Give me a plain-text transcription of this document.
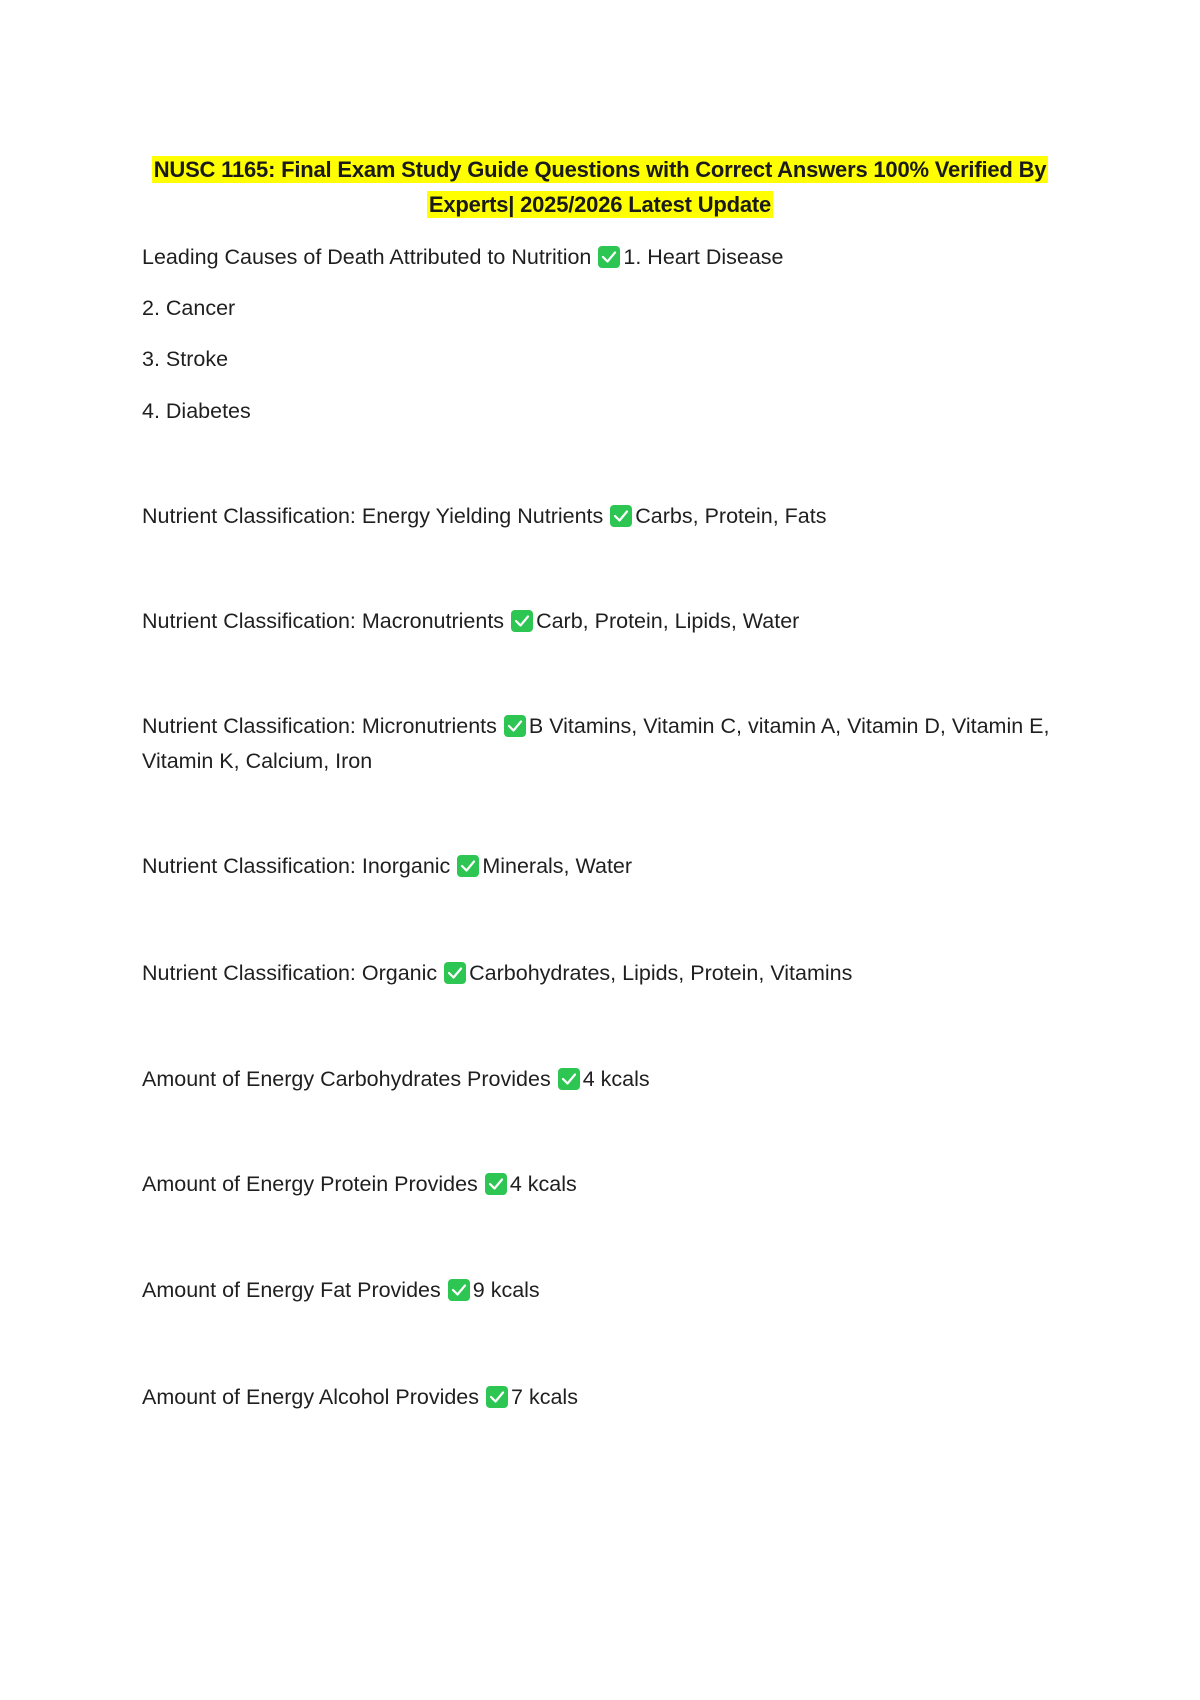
NUSC 1165: Final Exam Study Guide Questions with Correct Answers 100% Verified By
Experts| 2025/2026 Latest Update
Leading Causes of Death Attributed to Nutrition 1. Heart Disease
2. Cancer
3. Stroke
4. Diabetes
Nutrient Classification: Energy Yielding Nutrients Carbs, Protein, Fats
Nutrient Classification: Macronutrients Carb, Protein, Lipids, Water
Nutrient Classification: Micronutrients B Vitamins, Vitamin C, vitamin A, Vitamin D, Vitamin E, Vitamin K, Calcium, Iron
Nutrient Classification: Inorganic Minerals, Water
Nutrient Classification: Organic Carbohydrates, Lipids, Protein, Vitamins
Amount of Energy Carbohydrates Provides 4 kcals
Amount of Energy Protein Provides 4 kcals
Amount of Energy Fat Provides 9 kcals
Amount of Energy Alcohol Provides 7 kcals
